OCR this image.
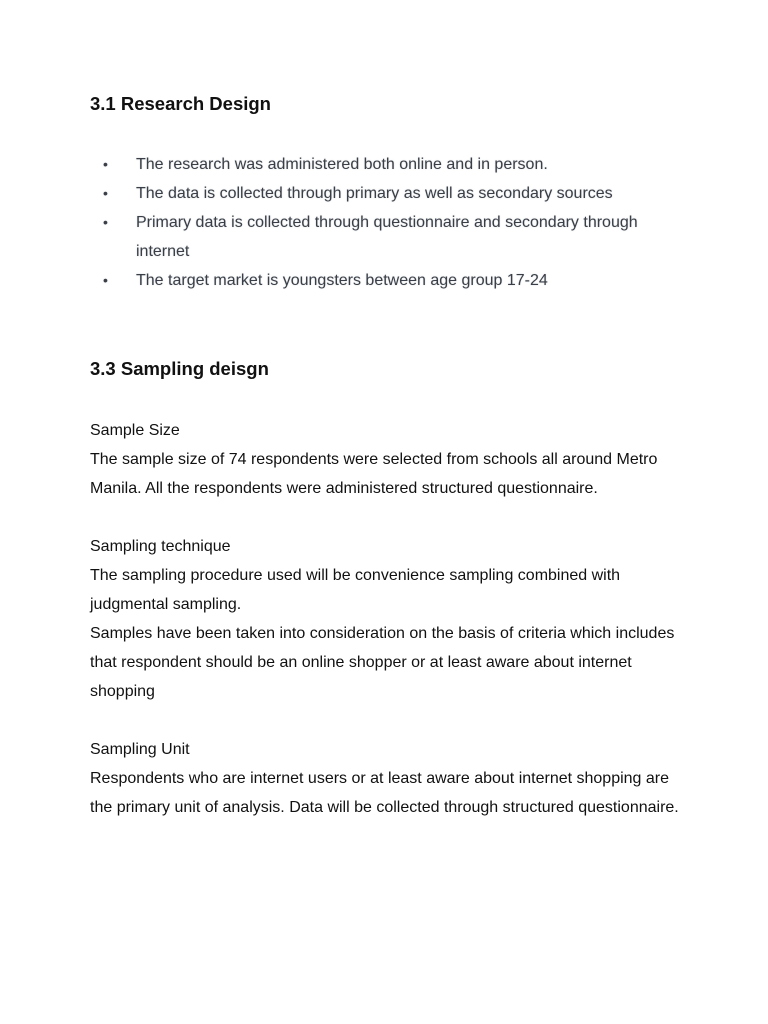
3.1 Research Design
• The research was administered both online and in person.
• The data is collected through primary as well as secondary sources
• Primary data is collected through questionnaire and secondary through internet
• The target market is youngsters between age group 17-24
3.3 Sampling deisgn

Sample Size

The sample size of 74 respondents were selected from schools all around Metro Manila. All the respondents were administered structured questionnaire.

Sampling technique

The sampling procedure used will be convenience sampling combined with judgmental sampling.

Samples have been taken into consideration on the basis of criteria which includes that respondent should be an online shopper or at least aware about internet shopping

Sampling Unit

Respondents who are internet users or at least aware about internet shopping are the primary unit of analysis. Data will be collected through structured questionnaire.
